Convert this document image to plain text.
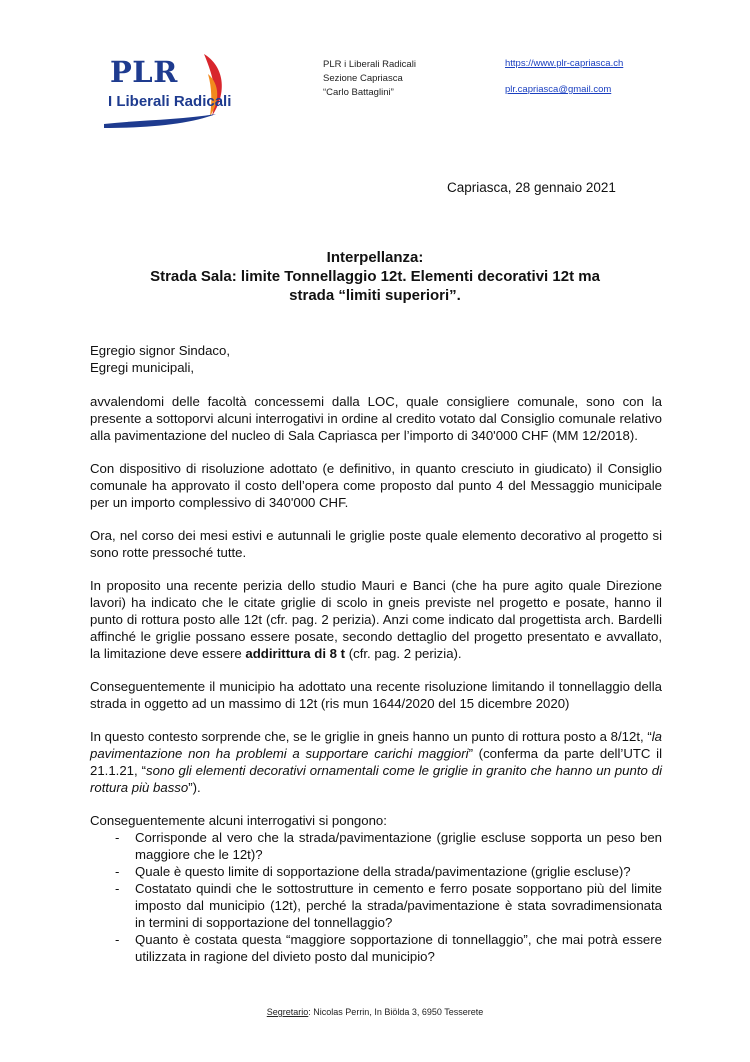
PLR
I Liberali Radicali
PLR i Liberali Radicali
Sezione Capriasca
“Carlo Battaglini”
https://www.plr-capriasca.ch
plr.capriasca@gmail.com
Capriasca, 28 gennaio 2021
Interpellanza:
Strada Sala: limite Tonnellaggio 12t. Elementi decorativi 12t ma
strada “limiti superiori”.

Egregio signor Sindaco,
Egregi municipali,

avvalendomi delle facoltà concessemi dalla LOC, quale consigliere comunale, sono con la presente a sottoporvi alcuni interrogativi in ordine al credito votato dal Consiglio comunale relativo alla pavimentazione del nucleo di Sala Capriasca per l’importo di 340'000 CHF (MM 12/2018).

Con dispositivo di risoluzione adottato (e definitivo, in quanto cresciuto in giudicato) il Consiglio comunale ha approvato il costo dell’opera come proposto dal punto 4 del Messaggio municipale per un importo complessivo di 340'000 CHF.

Ora, nel corso dei mesi estivi e autunnali le griglie poste quale elemento decorativo al progetto si sono rotte pressoché tutte.

In proposito una recente perizia dello studio Mauri e Banci (che ha pure agito quale Direzione lavori) ha indicato che le citate griglie di scolo in gneis previste nel progetto e posate, hanno il punto di rottura posto alle 12t (cfr. pag. 2 perizia). Anzi come indicato dal progettista arch. Bardelli affinché le griglie possano essere posate, secondo dettaglio del progetto presentato e avvallato, la limitazione deve essere addirittura di 8 t (cfr. pag. 2 perizia).

Conseguentemente il municipio ha adottato una recente risoluzione limitando il tonnellaggio della strada in oggetto ad un massimo di 12t (ris mun 1644/2020 del 15 dicembre 2020)

In questo contesto sorprende che, se le griglie in gneis hanno un punto di rottura posto a 8/12t, “la pavimentazione non ha problemi a supportare carichi maggiori” (conferma da parte dell’UTC il 21.1.21, “sono gli elementi decorativi ornamentali come le griglie in granito che hanno un punto di rottura più basso”).

Conseguentemente alcuni interrogativi si pongono:

- Corrisponde al vero che la strada/pavimentazione (griglie escluse sopporta un peso ben maggiore che le 12t)?
- Quale è questo limite di sopportazione della strada/pavimentazione (griglie escluse)?
- Costatato quindi che le sottostrutture in cemento e ferro posate sopportano più del limite imposto dal municipio (12t), perché la strada/pavimentazione è stata sovradimensionata in termini di sopportazione del tonnellaggio?
- Quanto è costata questa “maggiore sopportazione di tonnellaggio”, che mai potrà essere utilizzata in ragione del divieto posto dal municipio?
Segretario: Nicolas Perrin, In Biölda 3, 6950 Tesserete
